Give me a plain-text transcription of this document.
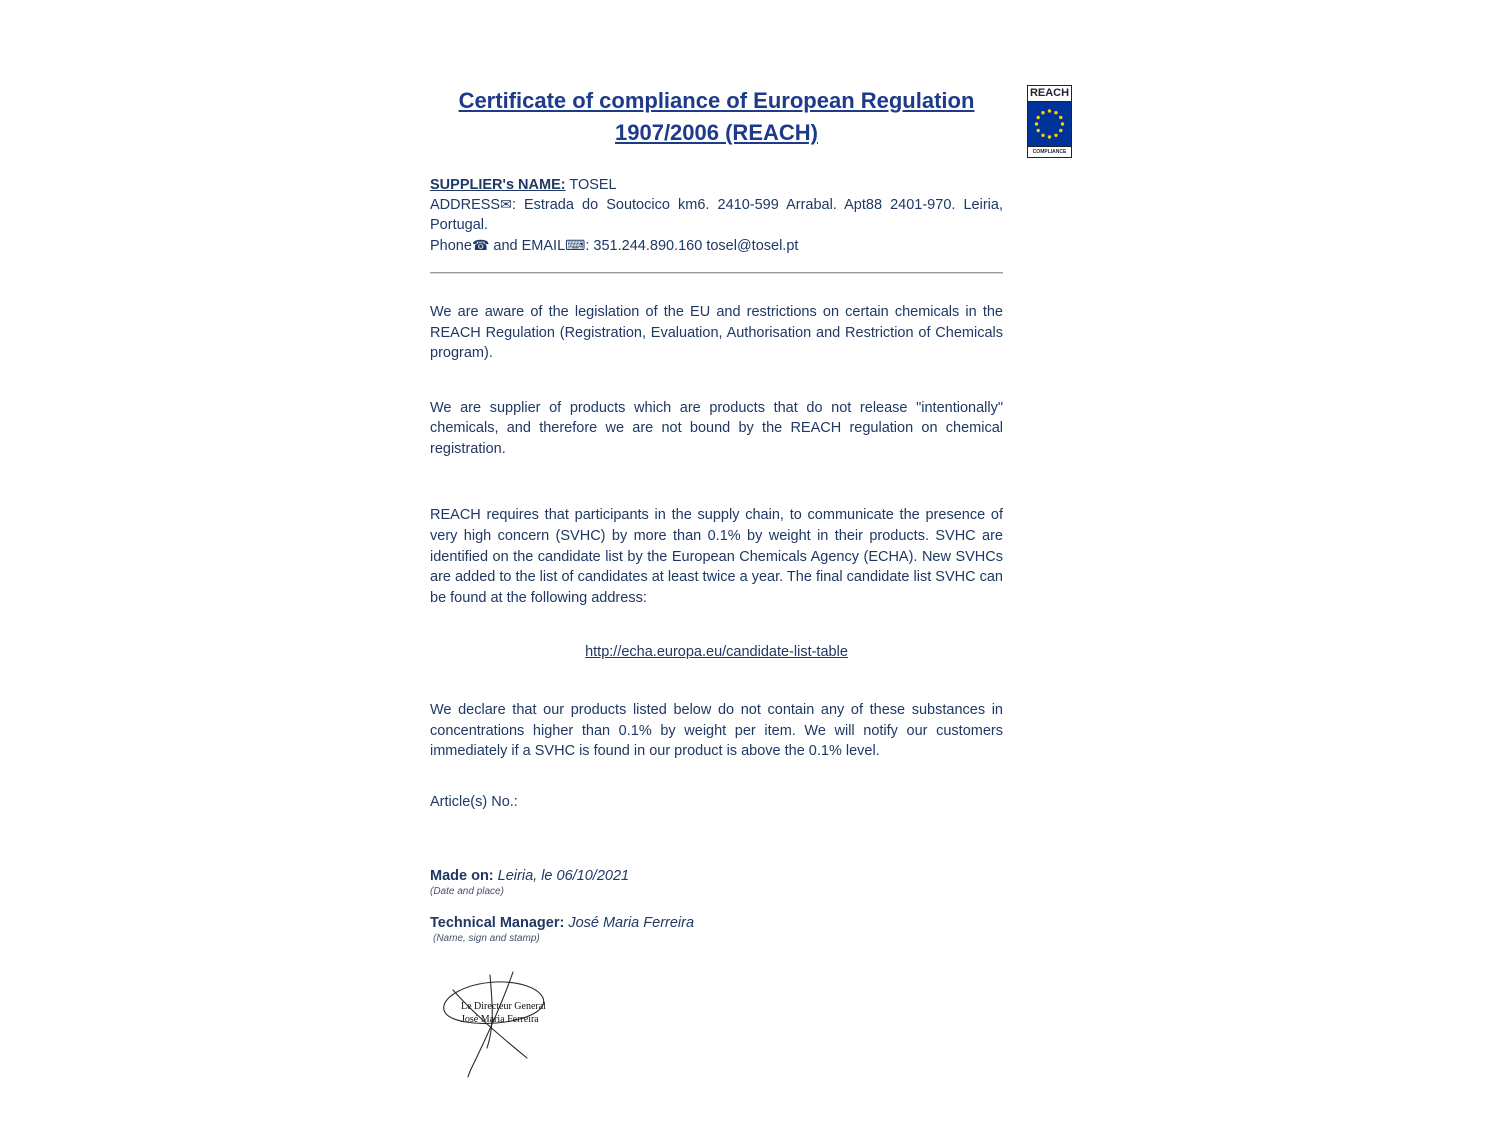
REACH
COMPLIANCE
Certificate of compliance of European Regulation
1907/2006 (REACH)
SUPPLIER's NAME: TOSEL
ADDRESS✉: Estrada do Soutocico km6. 2410-599 Arrabal. Apt88 2401-970. Leiria, Portugal.
Phone☎ and EMAIL⌨: 351.244.890.160 tosel@tosel.pt

We are aware of the legislation of the EU and restrictions on certain chemicals in the REACH Regulation (Registration, Evaluation, Authorisation and Restriction of Chemicals program).

We are supplier of products which are products that do not release "intentionally" chemicals, and therefore we are not bound by the REACH regulation on chemical registration.

REACH requires that participants in the supply chain, to communicate the presence of very high concern (SVHC) by more than 0.1% by weight in their products. SVHC are identified on the candidate list by the European Chemicals Agency (ECHA). New SVHCs are added to the list of candidates at least twice a year. The final candidate list SVHC can be found at the following address:

http://echa.europa.eu/candidate-list-table

We declare that our products listed below do not contain any of these substances in concentrations higher than 0.1% by weight per item. We will notify our customers immediately if a SVHC is found in our product is above the 0.1% level.

Article(s) No.:

Made on: Leiria, le 06/10/2021
(Date and place)
Technical Manager: José Maria Ferreira
(Name, sign and stamp)
Le Directeur General
José Maria Ferreira
